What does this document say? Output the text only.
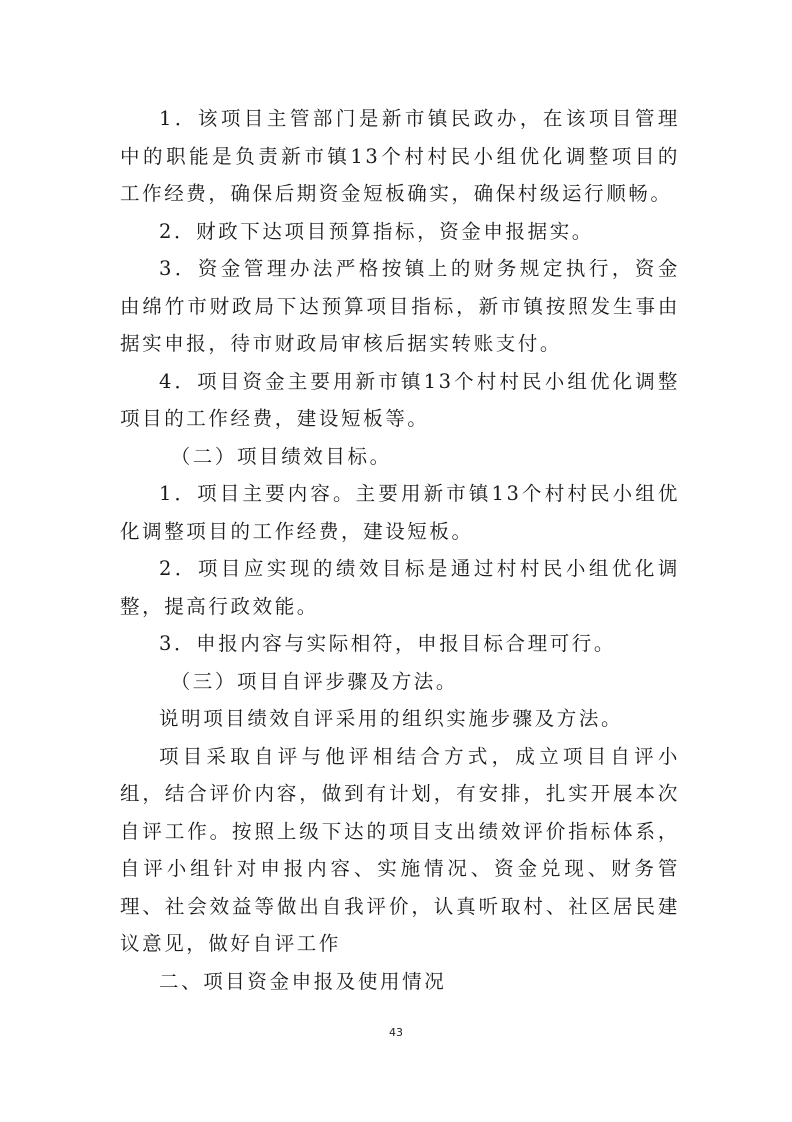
1．该项目主管部门是新市镇民政办，在该项目管理中的职能是负责新市镇13个村村民小组优化调整项目的工作经费，确保后期资金短板确实，确保村级运行顺畅。

2．财政下达项目预算指标，资金申报据实。

3．资金管理办法严格按镇上的财务规定执行，资金由绵竹市财政局下达预算项目指标，新市镇按照发生事由据实申报，待市财政局审核后据实转账支付。

4．项目资金主要用新市镇13个村村民小组优化调整项目的工作经费，建设短板等。

（二）项目绩效目标。

1．项目主要内容。主要用新市镇13个村村民小组优化调整项目的工作经费，建设短板。

2．项目应实现的绩效目标是通过村村民小组优化调整，提高行政效能。

3．申报内容与实际相符，申报目标合理可行。

（三）项目自评步骤及方法。

说明项目绩效自评采用的组织实施步骤及方法。

项目采取自评与他评相结合方式，成立项目自评小组，结合评价内容，做到有计划，有安排，扎实开展本次自评工作。按照上级下达的项目支出绩效评价指标体系，自评小组针对申报内容、实施情况、资金兑现、财务管理、社会效益等做出自我评价，认真听取村、社区居民建议意见，做好自评工作

二、项目资金申报及使用情况

43
